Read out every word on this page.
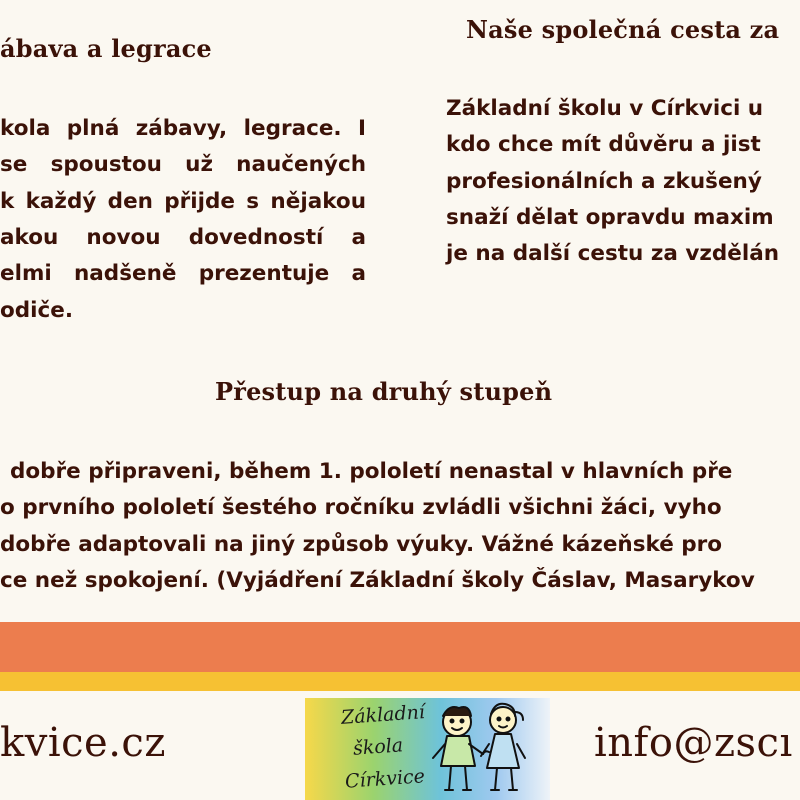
ábava a legrace
kola plná zábavy, legrace. I
se spoustou už naučených
k každý den přijde s nějakou
akou novou dovedností a
elmi nadšeně prezentuje a
odiče.
Naše společná cesta za
Základní školu v Církvici u
kdo chce mít důvěru a jist
profesionálních a zkušený
snaží dělat opravdu maxim
je na další cestu za vzdělán
Přestup na druhý stupeň
dobře připraveni, během 1. pololetí nenastal v hlavních pře
o prvního pololetí šestého ročníku zvládli všichni žáci, vyho
dobře adaptovali na jiný způsob výuky. Vážné kázeňské pro
ce než spokojení. (Vyjádření Základní školy Čáslav, Masarykov
kvice.cz	info@zscı
Základní
škola
Církvice
